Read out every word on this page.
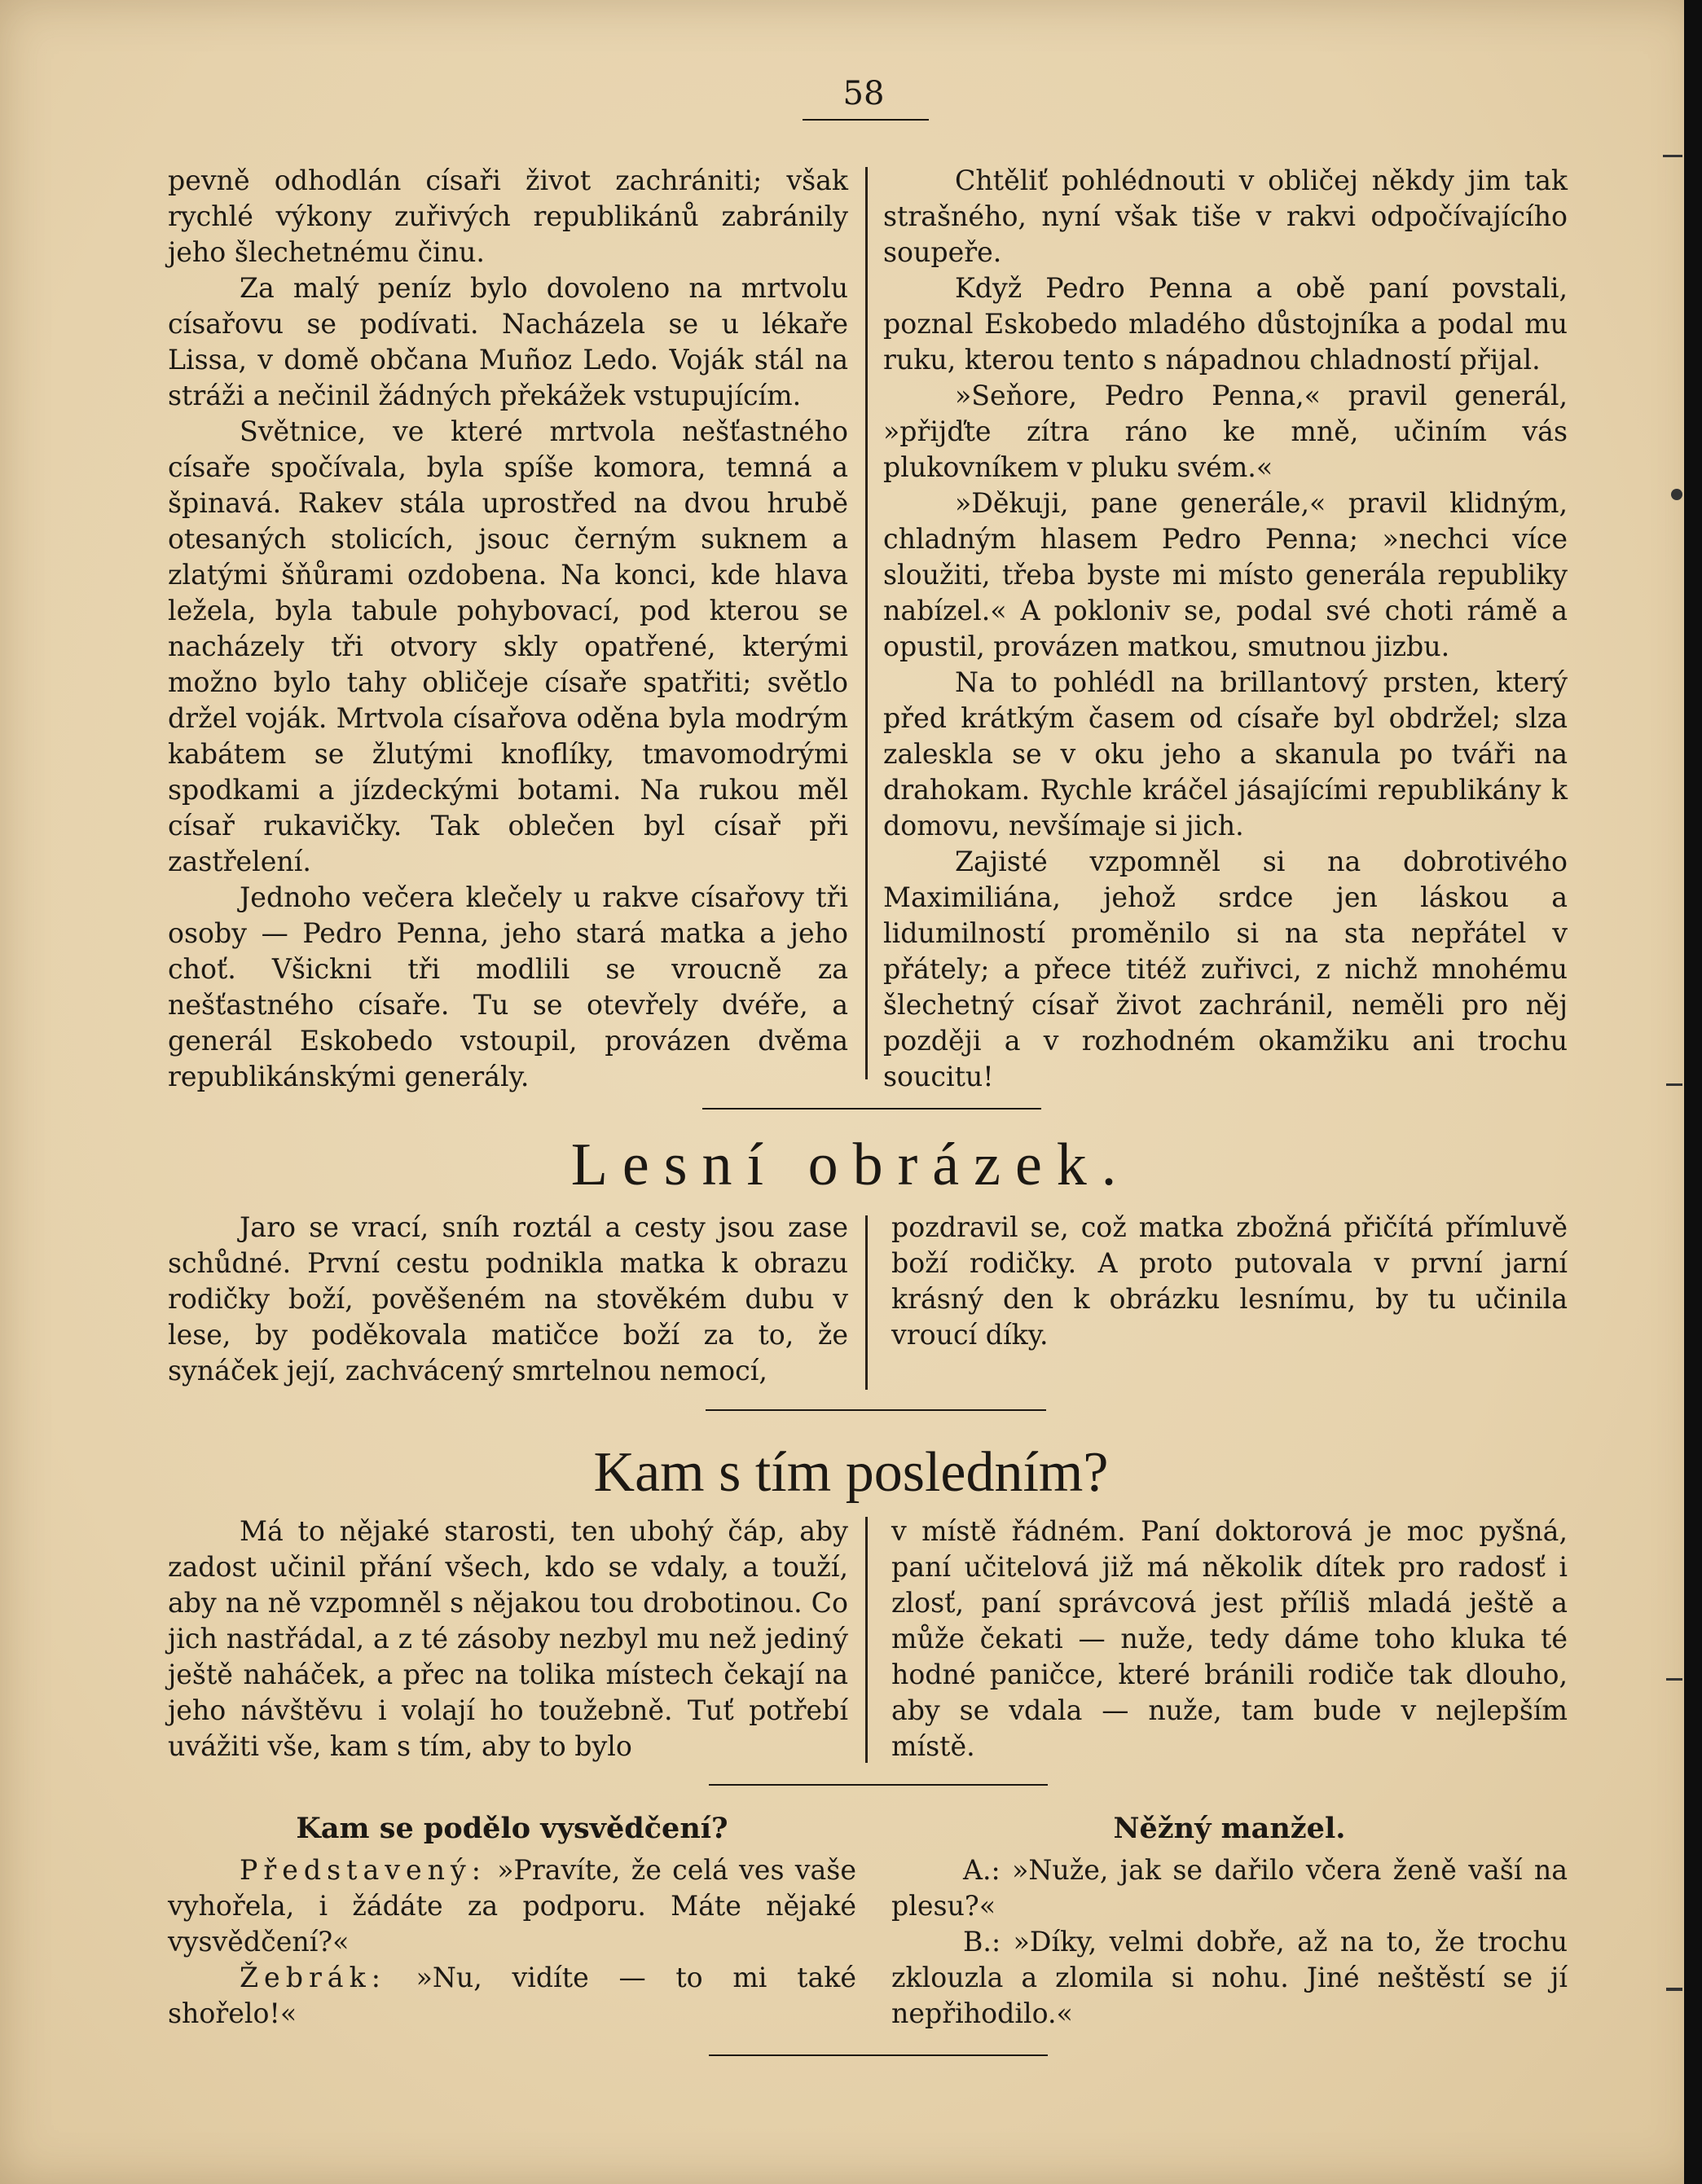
58

pevně odhodlán císaři život zachrániti; však rychlé výkony zuřivých republikánů zabránily jeho šlechetnému činu.

Za malý peníz bylo dovoleno na mrtvolu císařovu se podívati. Nacházela se u lékaře Lissa, v domě občana Muñoz Ledo. Voják stál na stráži a nečinil žádných překážek vstupujícím.

Světnice, ve které mrtvola nešťastného císaře spočívala, byla spíše komora, temná a špinavá. Rakev stála uprostřed na dvou hrubě otesaných stolicích, jsouc černým suknem a zlatými šňůrami ozdobena. Na konci, kde hlava ležela, byla tabule pohybovací, pod kterou se nacházely tři otvory skly opatřené, kterými možno bylo tahy obličeje císaře spatřiti; světlo držel voják. Mrtvola císařova oděna byla modrým kabátem se žlutými knoflíky, tmavomodrými spodkami a jízdeckými botami. Na rukou měl císař rukavičky. Tak oblečen byl císař při zastřelení.

Jednoho večera klečely u rakve císařovy tři osoby — Pedro Penna, jeho stará matka a jeho choť. Všickni tři modlili se vroucně za nešťastného císaře. Tu se otevřely dvéře, a generál Eskobedo vstoupil, provázen dvěma republikánskými generály.

Chtěliť pohlédnouti v obličej někdy jim tak strašného, nyní však tiše v rakvi odpočívajícího soupeře.

Když Pedro Penna a obě paní povstali, poznal Eskobedo mladého důstojníka a podal mu ruku, kterou tento s nápadnou chladností přijal.

»Seňore, Pedro Penna,« pravil generál, »přijďte zítra ráno ke mně, učiním vás plukovníkem v pluku svém.«

»Děkuji, pane generále,« pravil klidným, chladným hlasem Pedro Penna; »nechci více sloužiti, třeba byste mi místo generála republiky nabízel.« A pokloniv se, podal své choti rámě a opustil, provázen matkou, smutnou jizbu.

Na to pohlédl na brillantový prsten, který před krátkým časem od císaře byl obdržel; slza zaleskla se v oku jeho a skanula po tváři na drahokam. Rychle kráčel jásajícími republikány k domovu, nevšímaje si jich.

Zajisté vzpomněl si na dobrotivého Maximiliána, jehož srdce jen láskou a lidumilností proměnilo si na sta nepřátel v přátely; a přece titéž zuřivci, z nichž mnohému šlechetný císař život zachránil, neměli pro něj později a v rozhodném okamžiku ani trochu soucitu!

Lesní obrázek.

Jaro se vrací, sníh roztál a cesty jsou zase schůdné. První cestu podnikla matka k obrazu rodičky boží, pověšeném na stověkém dubu v lese, by poděkovala matičce boží za to, že synáček její, zachvácený smrtelnou nemocí,

pozdravil se, což matka zbožná přičítá přímluvě boží rodičky. A proto putovala v první jarní krásný den k obrázku lesnímu, by tu učinila vroucí díky.

Kam s tím posledním?

Má to nějaké starosti, ten ubohý čáp, aby zadost učinil přání všech, kdo se vdaly, a touží, aby na ně vzpomněl s nějakou tou drobotinou. Co jich nastřádal, a z té zásoby nezbyl mu než jediný ještě naháček, a přec na tolika místech čekají na jeho návštěvu i volají ho toužebně. Tuť potřebí uvážiti vše, kam s tím, aby to bylo

v místě řádném. Paní doktorová je moc pyšná, paní učitelová již má několik dítek pro radosť i zlosť, paní správcová jest příliš mladá ještě a může čekati — nuže, tedy dáme toho kluka té hodné paničce, které bránili rodiče tak dlouho, aby se vdala — nuže, tam bude v nejlepším místě.

Kam se podělo vysvědčení?

Představený: »Pravíte, že celá ves vaše vyhořela, i žádáte za podporu. Máte nějaké vysvědčení?«

Žebrák: »Nu, vidíte — to mi také shořelo!«

Něžný manžel.

A.: »Nuže, jak se dařilo včera ženě vaší na plesu?«

B.: »Díky, velmi dobře, až na to, že trochu zklouzla a zlomila si nohu. Jiné neštěstí se jí nepřihodilo.«
